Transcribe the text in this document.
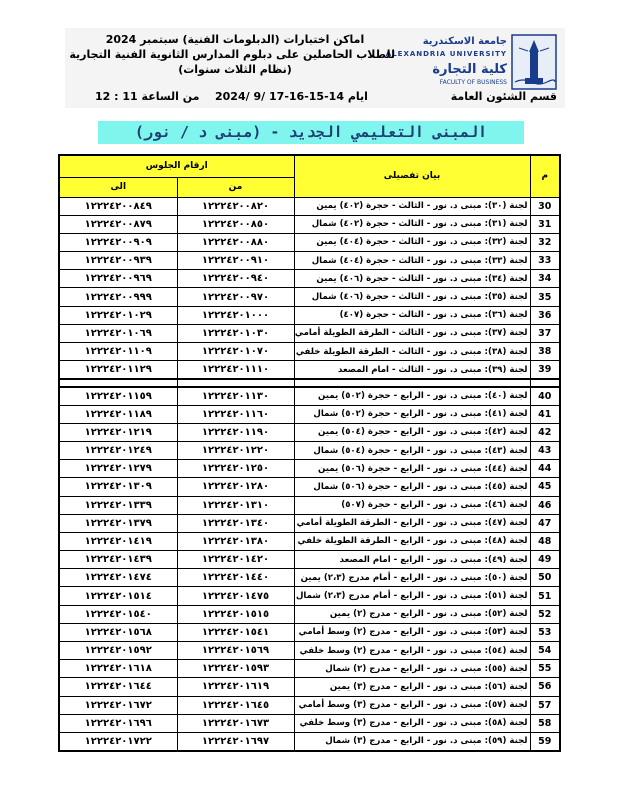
جامعة الاسكندرية
ALEXANDRIA UNIVERSITY
كلية التجارة
FACULTY OF BUSINESS
قسم الشئون العامة
اماكن اختبارات (الدبلومات الفنية) سبتمبر 2024
للطلاب الحاصلين على دبلوم المدارس الثانوية الفنية التجارية
(نظام الثلاث سنوات)
ايام 14-15-16-17 /9 /2024
من الساعة 11 : 12
المبنى التعليمي الجديد - (مبنى د / نور)
م	بيان تفصيلى	ارقام الجلوس	
		من	الى
30	لجنة (٣٠): مبنى د. نور - الثالث - حجرة (٤٠٢) يمين	١٢٢٢٤٢٠٠٨٢٠	١٢٢٢٤٢٠٠٨٤٩
31	لجنة (٣١): مبنى د. نور - الثالث - حجرة (٤٠٢) شمال	١٢٢٢٤٢٠٠٨٥٠	١٢٢٢٤٢٠٠٨٧٩
32	لجنة (٣٢): مبنى د. نور - الثالث - حجرة (٤٠٤) يمين	١٢٢٢٤٢٠٠٨٨٠	١٢٢٢٤٢٠٠٩٠٩
33	لجنة (٣٣): مبنى د. نور - الثالث - حجرة (٤٠٤) شمال	١٢٢٢٤٢٠٠٩١٠	١٢٢٢٤٢٠٠٩٣٩
34	لجنة (٣٤): مبنى د. نور - الثالث - حجرة (٤٠٦) يمين	١٢٢٢٤٢٠٠٩٤٠	١٢٢٢٤٢٠٠٩٦٩
35	لجنة (٣٥): مبنى د. نور - الثالث - حجرة (٤٠٦) شمال	١٢٢٢٤٢٠٠٩٧٠	١٢٢٢٤٢٠٠٩٩٩
36	لجنة (٣٦): مبنى د. نور - الثالث - حجرة (٤٠٧)	١٢٢٢٤٢٠١٠٠٠	١٢٢٢٤٢٠١٠٢٩
37	لجنة (٣٧): مبنى د. نور - الثالث - الطرقة الطويلة أمامي	١٢٢٢٤٢٠١٠٣٠	١٢٢٢٤٢٠١٠٦٩
38	لجنة (٣٨): مبنى د. نور - الثالث - الطرقة الطويلة خلفي	١٢٢٢٤٢٠١٠٧٠	١٢٢٢٤٢٠١١٠٩
39	لجنة (٣٩): مبنى د. نور - الثالث - امام المصعد	١٢٢٢٤٢٠١١١٠	١٢٢٢٤٢٠١١٢٩

40	لجنة (٤٠): مبنى د. نور - الرابع - حجرة (٥٠٢) يمين	١٢٢٢٤٢٠١١٣٠	١٢٢٢٤٢٠١١٥٩
41	لجنة (٤١): مبنى د. نور - الرابع - حجرة (٥٠٢) شمال	١٢٢٢٤٢٠١١٦٠	١٢٢٢٤٢٠١١٨٩
42	لجنة (٤٢): مبنى د. نور - الرابع - حجرة (٥٠٤) يمين	١٢٢٢٤٢٠١١٩٠	١٢٢٢٤٢٠١٢١٩
43	لجنة (٤٣): مبنى د. نور - الرابع - حجرة (٥٠٤) شمال	١٢٢٢٤٢٠١٢٢٠	١٢٢٢٤٢٠١٢٤٩
44	لجنة (٤٤): مبنى د. نور - الرابع - حجرة (٥٠٦) يمين	١٢٢٢٤٢٠١٢٥٠	١٢٢٢٤٢٠١٢٧٩
45	لجنة (٤٥): مبنى د. نور - الرابع - حجرة (٥٠٦) شمال	١٢٢٢٤٢٠١٢٨٠	١٢٢٢٤٢٠١٣٠٩
46	لجنة (٤٦): مبنى د. نور - الرابع - حجرة (٥٠٧)	١٢٢٢٤٢٠١٣١٠	١٢٢٢٤٢٠١٣٣٩
47	لجنة (٤٧): مبنى د. نور - الرابع - الطرقة الطويلة أمامي	١٢٢٢٤٢٠١٣٤٠	١٢٢٢٤٢٠١٣٧٩
48	لجنة (٤٨): مبنى د. نور - الرابع - الطرقة الطويلة خلفي	١٢٢٢٤٢٠١٣٨٠	١٢٢٢٤٢٠١٤١٩
49	لجنة (٤٩): مبنى د. نور - الرابع - امام المصعد	١٢٢٢٤٢٠١٤٢٠	١٢٢٢٤٢٠١٤٣٩
50	لجنة (٥٠): مبنى د. نور - الرابع - أمام مدرج (٢،٣) يمين	١٢٢٢٤٢٠١٤٤٠	١٢٢٢٤٢٠١٤٧٤
51	لجنة (٥١): مبنى د. نور - الرابع - أمام مدرج (٢،٣) شمال	١٢٢٢٤٢٠١٤٧٥	١٢٢٢٤٢٠١٥١٤
52	لجنة (٥٢): مبنى د. نور - الرابع - مدرج (٢) يمين	١٢٢٢٤٢٠١٥١٥	١٢٢٢٤٢٠١٥٤٠
53	لجنة (٥٣): مبنى د. نور - الرابع - مدرج (٢) وسط أمامي	١٢٢٢٤٢٠١٥٤١	١٢٢٢٤٢٠١٥٦٨
54	لجنة (٥٤): مبنى د. نور - الرابع - مدرج (٢) وسط خلفي	١٢٢٢٤٢٠١٥٦٩	١٢٢٢٤٢٠١٥٩٢
55	لجنة (٥٥): مبنى د. نور - الرابع - مدرج (٢) شمال	١٢٢٢٤٢٠١٥٩٣	١٢٢٢٤٢٠١٦١٨
56	لجنة (٥٦): مبنى د. نور - الرابع - مدرج (٣) يمين	١٢٢٢٤٢٠١٦١٩	١٢٢٢٤٢٠١٦٤٤
57	لجنة (٥٧): مبنى د. نور - الرابع - مدرج (٣) وسط أمامي	١٢٢٢٤٢٠١٦٤٥	١٢٢٢٤٢٠١٦٧٢
58	لجنة (٥٨): مبنى د. نور - الرابع - مدرج (٣) وسط خلفي	١٢٢٢٤٢٠١٦٧٣	١٢٢٢٤٢٠١٦٩٦
59	لجنة (٥٩): مبنى د. نور - الرابع - مدرج (٣) شمال	١٢٢٢٤٢٠١٦٩٧	١٢٢٢٤٢٠١٧٢٢
